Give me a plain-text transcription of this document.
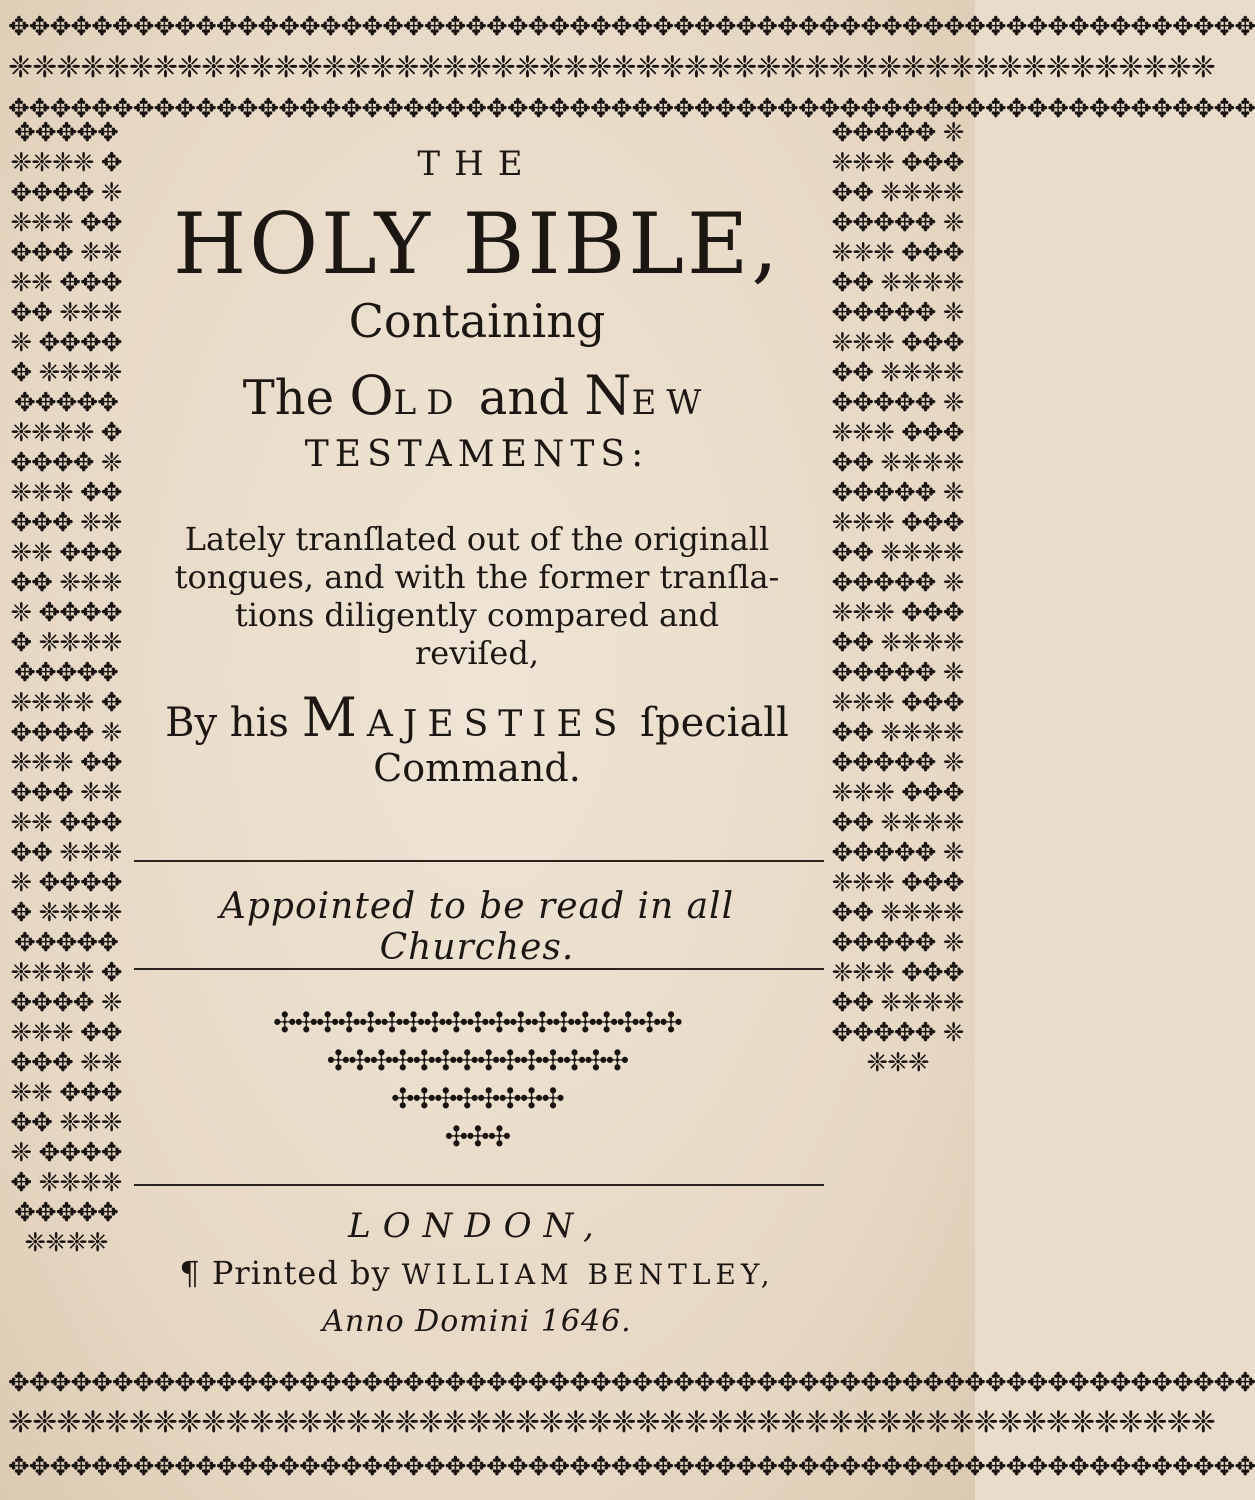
✥✥✥✥✥✥✥✥✥✥✥✥✥✥✥✥✥✥✥✥✥✥✥✥✥✥✥✥✥✥✥✥✥✥✥✥✥✥✥✥✥✥✥✥✥✥✥✥✥✥✥✥✥✥✥✥✥✥✥✥
❈❈❈❈❈❈❈❈❈❈❈❈❈❈❈❈❈❈❈❈❈❈❈❈❈❈❈❈❈❈❈❈❈❈❈❈❈❈❈❈❈❈❈❈❈❈❈❈❈❈
✥✥✥✥✥✥✥✥✥✥✥✥✥✥✥✥✥✥✥✥✥✥✥✥✥✥✥✥✥✥✥✥✥✥✥✥✥✥✥✥✥✥✥✥✥✥✥✥✥✥✥✥✥✥✥✥✥✥✥✥
✥✥✥✥✥ ❈❈❈❈ ✥✥✥✥✥ ❈❈❈❈ ✥✥✥✥✥ ❈❈❈❈ ✥✥✥✥✥ ❈❈❈❈ ✥✥✥✥✥ ❈❈❈❈ ✥✥✥✥✥ ❈❈❈❈ ✥✥✥✥✥ ❈❈❈❈ ✥✥✥✥✥ ❈❈❈❈ ✥✥✥✥✥ ❈❈❈❈ ✥✥✥✥✥ ❈❈❈❈ ✥✥✥✥✥ ❈❈❈❈ ✥✥✥✥✥ ❈❈❈❈ ✥✥✥✥✥ ❈❈❈❈ ✥✥✥✥✥ ❈❈❈❈ ✥✥✥✥✥ ❈❈❈❈ ✥✥✥✥✥ ❈❈❈❈ ✥✥✥✥✥ ❈❈❈❈ ✥✥✥✥✥ ❈❈❈❈ ✥✥✥✥✥ ❈❈❈❈ ✥✥✥✥✥ ❈❈❈❈ ✥✥✥✥✥ ❈❈❈❈
✥✥✥✥✥ ❈❈❈❈ ✥✥✥✥✥ ❈❈❈❈ ✥✥✥✥✥ ❈❈❈❈ ✥✥✥✥✥ ❈❈❈❈ ✥✥✥✥✥ ❈❈❈❈ ✥✥✥✥✥ ❈❈❈❈ ✥✥✥✥✥ ❈❈❈❈ ✥✥✥✥✥ ❈❈❈❈ ✥✥✥✥✥ ❈❈❈❈ ✥✥✥✥✥ ❈❈❈❈ ✥✥✥✥✥ ❈❈❈❈ ✥✥✥✥✥ ❈❈❈❈ ✥✥✥✥✥ ❈❈❈❈ ✥✥✥✥✥ ❈❈❈❈ ✥✥✥✥✥ ❈❈❈❈ ✥✥✥✥✥ ❈❈❈❈ ✥✥✥✥✥ ❈❈❈❈ ✥✥✥✥✥ ❈❈❈❈ ✥✥✥✥✥ ❈❈❈❈ ✥✥✥✥✥ ❈❈❈❈ ✥✥✥✥✥ ❈❈❈❈
✥✥✥✥✥✥✥✥✥✥✥✥✥✥✥✥✥✥✥✥✥✥✥✥✥✥✥✥✥✥✥✥✥✥✥✥✥✥✥✥✥✥✥✥✥✥✥✥✥✥✥✥✥✥✥✥✥✥✥✥
❈❈❈❈❈❈❈❈❈❈❈❈❈❈❈❈❈❈❈❈❈❈❈❈❈❈❈❈❈❈❈❈❈❈❈❈❈❈❈❈❈❈❈❈❈❈❈❈❈❈
✥✥✥✥✥✥✥✥✥✥✥✥✥✥✥✥✥✥✥✥✥✥✥✥✥✥✥✥✥✥✥✥✥✥✥✥✥✥✥✥✥✥✥✥✥✥✥✥✥✥✥✥✥✥✥✥✥✥✥✥

THE

HOLY BIBLE,

Containing

The OLD and NEW

TESTAMENTS:

Lately tranſlated out of the originall
tongues, and with the former tranſla-
tions diligently compared and
reviſed,

By his MAJESTIES ſpeciall

Command.

Appointed to be read in all Churches.

✣✣✣✣✣✣✣✣✣✣✣✣✣✣✣✣✣✣✣

✣✣✣✣✣✣✣✣✣✣✣✣✣✣

✣✣✣✣✣✣✣✣

✣✣✣

LONDON,

¶ Printed by WILLIAM BENTLEY,

Anno Domini 1646.
